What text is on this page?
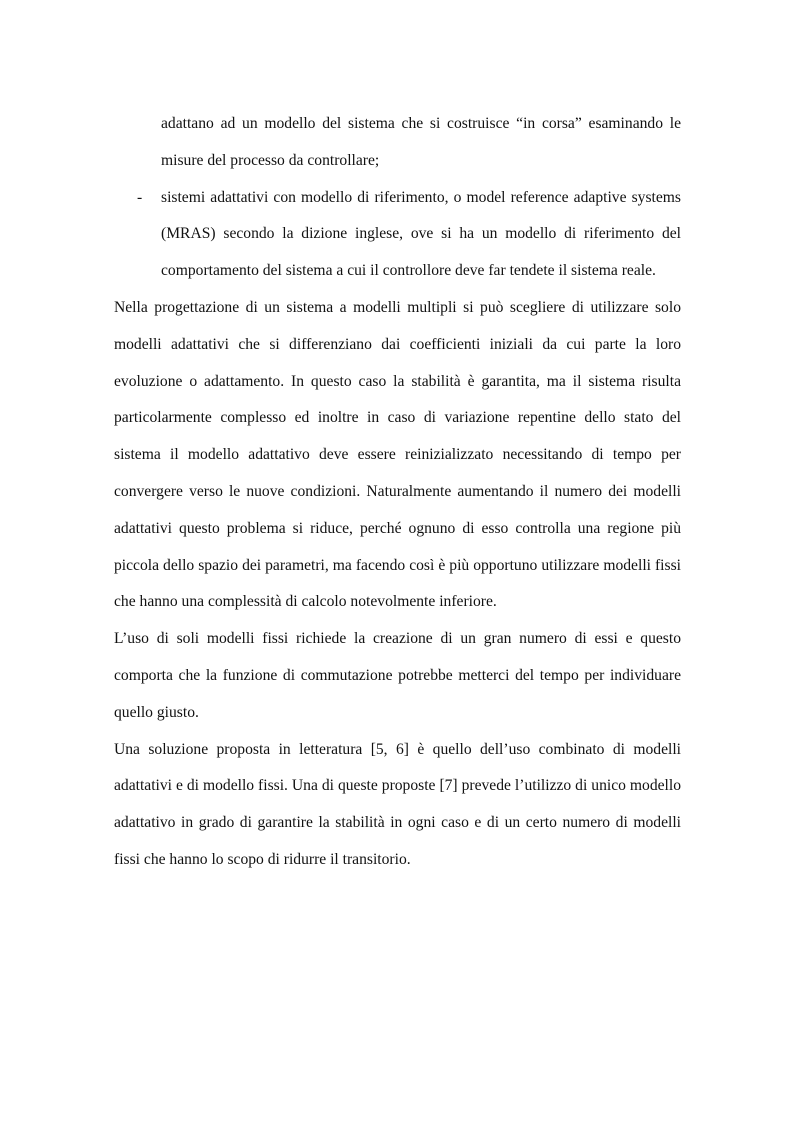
adattano ad un modello del sistema che si costruisce “in corsa” esaminando le misure del processo da controllare;

- sistemi adattativi con modello di riferimento, o model reference adaptive systems (MRAS) secondo la dizione inglese, ove si ha un modello di riferimento del comportamento del sistema a cui il controllore deve far tendete il sistema reale.

Nella progettazione di un sistema a modelli multipli si può scegliere di utilizzare solo modelli adattativi che si differenziano dai coefficienti iniziali da cui parte la loro evoluzione o adattamento. In questo caso la stabilità è garantita, ma il sistema risulta particolarmente complesso ed inoltre in caso di variazione repentine dello stato del sistema il modello adattativo deve essere reinizializzato necessitando di tempo per convergere verso le nuove condizioni. Naturalmente aumentando il numero dei modelli adattativi questo problema si riduce, perché ognuno di esso controlla una regione più piccola dello spazio dei parametri, ma facendo così è più opportuno utilizzare modelli fissi che hanno una complessità di calcolo notevolmente inferiore.

L’uso di soli modelli fissi richiede la creazione di un gran numero di essi e questo comporta che la funzione di commutazione potrebbe metterci del tempo per individuare quello giusto.

Una soluzione proposta in letteratura [5, 6] è quello dell’uso combinato di modelli adattativi e di modello fissi. Una di queste proposte [7] prevede l’utilizzo di unico modello adattativo in grado di garantire la stabilità in ogni caso e di un certo numero di modelli fissi che hanno lo scopo di ridurre il transitorio.
